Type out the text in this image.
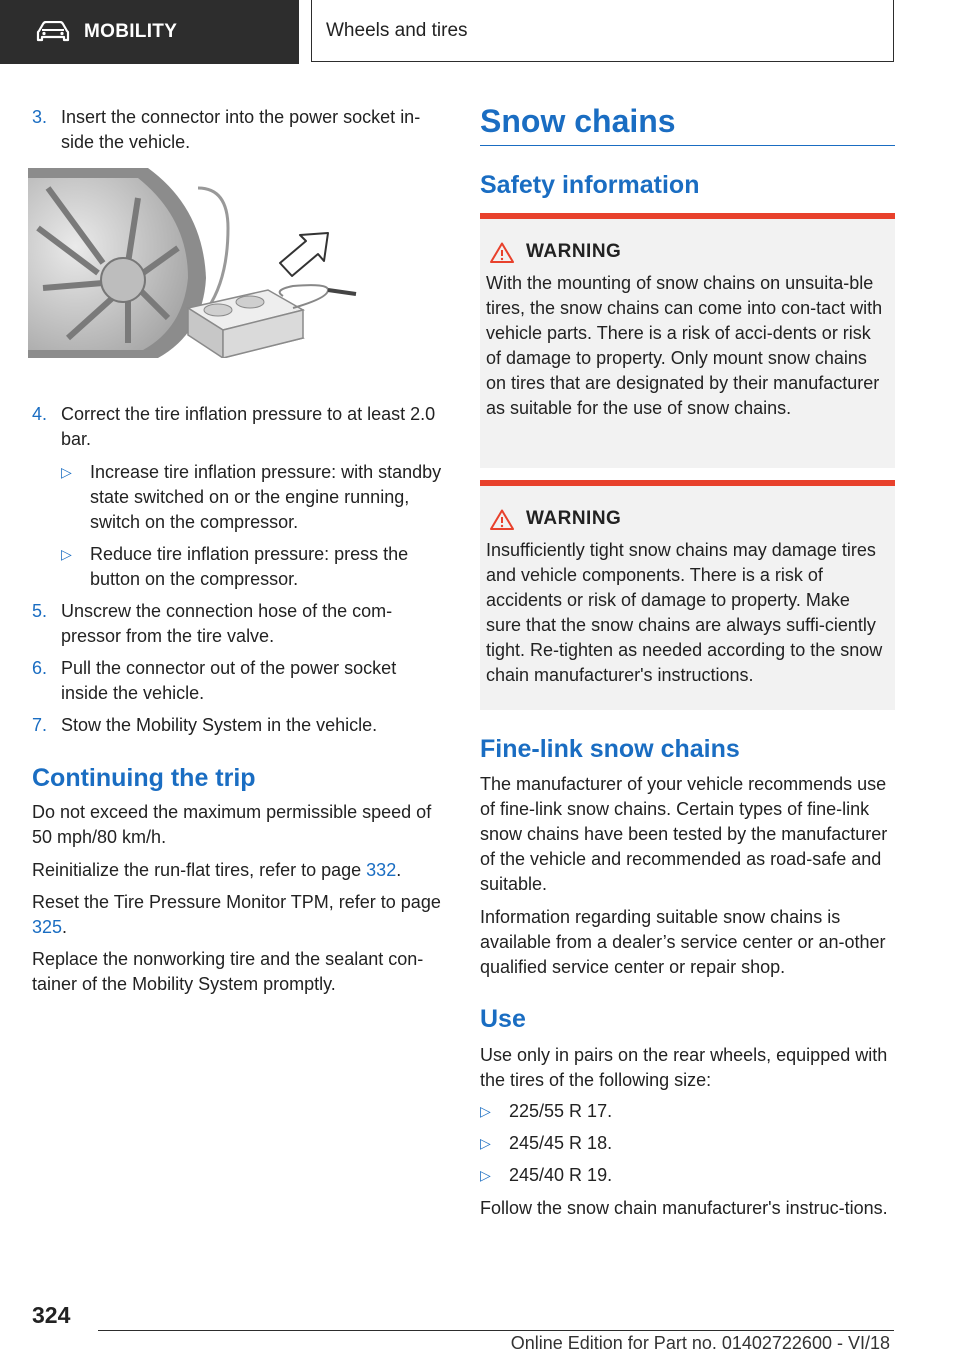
MOBILITY	Wheels and tires
3. Insert the connector into the power socket in-side the vehicle.
4. Correct the tire inflation pressure to at least 2.0 bar.
▷ Increase tire inflation pressure: with standby state switched on or the engine running, switch on the compressor.
▷ Reduce tire inflation pressure: press the button on the compressor.
5. Unscrew the connection hose of the com-pressor from the tire valve.
6. Pull the connector out of the power socket inside the vehicle.
7. Stow the Mobility System in the vehicle.
Continuing the trip

Do not exceed the maximum permissible speed of 50 mph/80 km/h.

Reinitialize the run-flat tires, refer to page 332.

Reset the Tire Pressure Monitor TPM, refer to page 325.

Replace the nonworking tire and the sealant con-tainer of the Mobility System promptly.

Snow chains
Safety information
WARNING

With the mounting of snow chains on unsuita-ble tires, the snow chains can come into con-tact with vehicle parts. There is a risk of acci-dents or risk of damage to property. Only mount snow chains on tires that are designated by their manufacturer as suitable for the use of snow chains.

WARNING

Insufficiently tight snow chains may damage tires and vehicle components. There is a risk of accidents or risk of damage to property. Make sure that the snow chains are always suffi-ciently tight. Re-tighten as needed according to the snow chain manufacturer's instructions.

Fine-link snow chains

The manufacturer of your vehicle recommends use of fine-link snow chains. Certain types of fine-link snow chains have been tested by the manufacturer of the vehicle and recommended as road-safe and suitable.

Information regarding suitable snow chains is available from a dealer’s service center or an-other qualified service center or repair shop.

Use

Use only in pairs on the rear wheels, equipped with the tires of the following size:

▷ 225/55 R 17.
▷ 245/45 R 18.
▷ 245/40 R 19.

Follow the snow chain manufacturer's instruc-tions.

324
Online Edition for Part no. 01402722600 - VI/18
